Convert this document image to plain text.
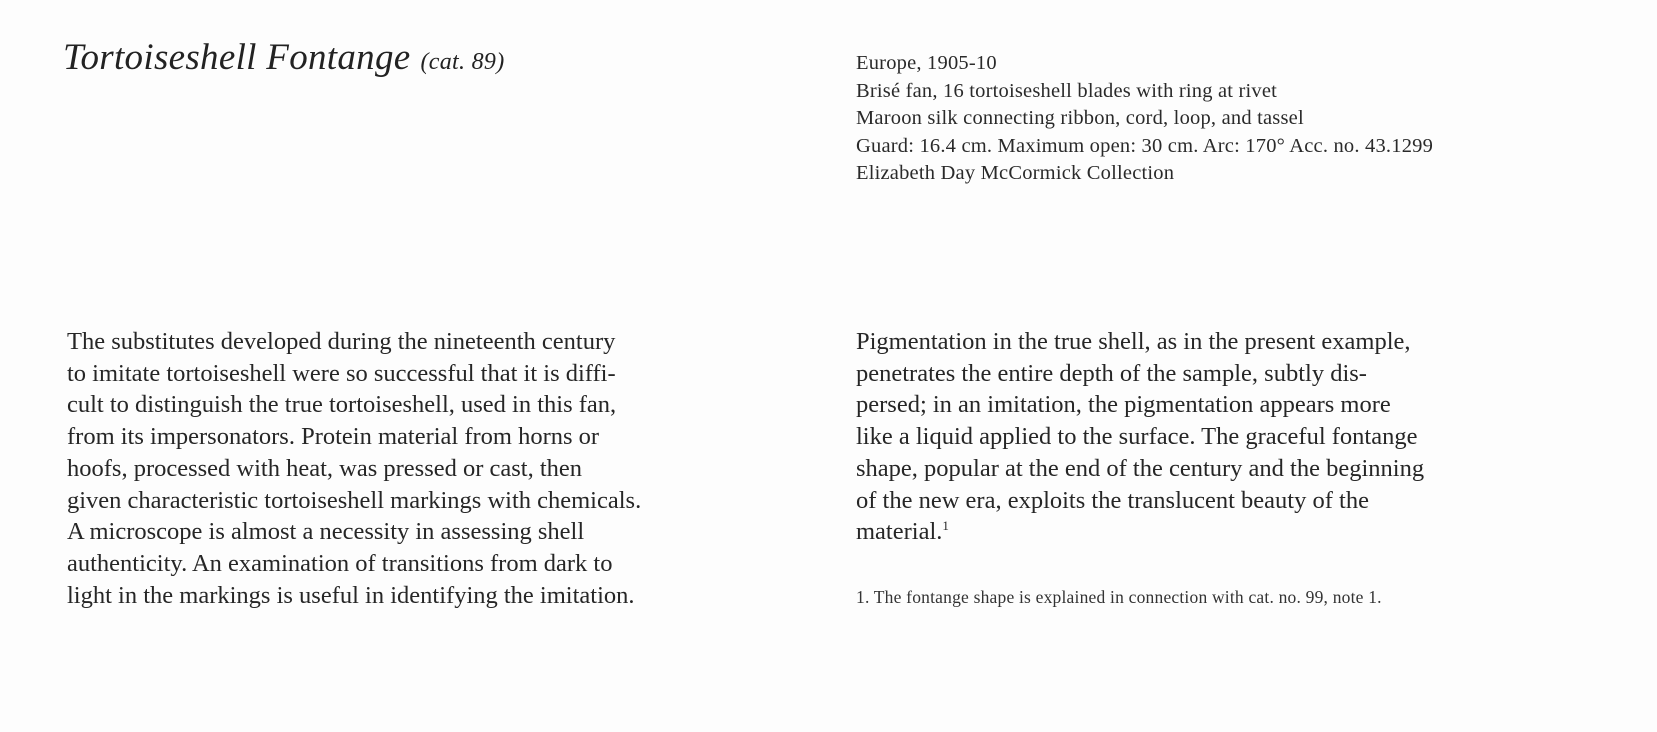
Tortoiseshell Fontange (cat. 89)	Europe, 1905-10
Brisé fan, 16 tortoiseshell blades with ring at rivet
Maroon silk connecting ribbon, cord, loop, and tassel
Guard: 16.4 cm. Maximum open: 30 cm. Arc: 170° Acc. no. 43.1299
Elizabeth Day McCormick Collection
The substitutes developed during the nineteenth century
to imitate tortoiseshell were so successful that it is diffi-
cult to distinguish the true tortoiseshell, used in this fan,
from its impersonators. Protein material from horns or
hoofs, processed with heat, was pressed or cast, then
given characteristic tortoiseshell markings with chemicals.
A microscope is almost a necessity in assessing shell
authenticity. An examination of transitions from dark to
light in the markings is useful in identifying the imitation.
Pigmentation in the true shell, as in the present example,
penetrates the entire depth of the sample, subtly dis-
persed; in an imitation, the pigmentation appears more
like a liquid applied to the surface. The graceful fontange
shape, popular at the end of the century and the beginning
of the new era, exploits the translucent beauty of the
material.$^1$
1. The fontange shape is explained in connection with cat. no. 99, note 1.
